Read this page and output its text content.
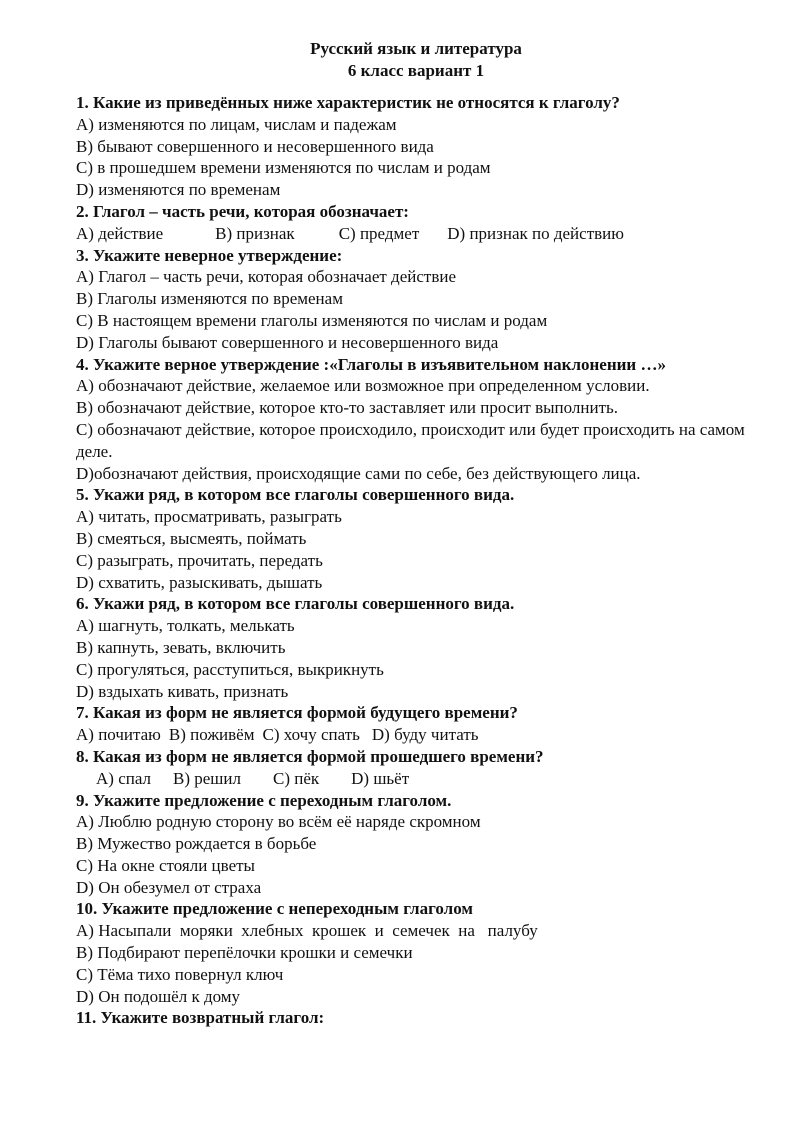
Русский язык и литература
6 класс вариант 1
1. Какие из приведённых ниже характеристик не относятся к глаголу?
A) изменяются по лицам, числам и падежам
B) бывают совершенного и несовершенного вида
C) в прошедшем времени изменяются по числам и родам
D) изменяются по временам
2. Глагол – часть речи, которая обозначает:
A) действие	B) признак	C) предмет D) признак по действию
3. Укажите неверное утверждение:
A) Глагол – часть речи, которая обозначает действие
B) Глаголы изменяются по временам
C) В настоящем времени глаголы изменяются по числам и родам
D) Глаголы бывают совершенного и несовершенного вида
4. Укажите верное утверждение :«Глаголы в изъявительном наклонении …»
A) обозначают действие, желаемое или возможное при определенном условии.
B) обозначают действие, которое кто-то заставляет или просит выполнить.
C) обозначают действие, которое происходило, происходит или будет происходить на самом деле.
D)обозначают действия, происходящие сами по себе, без действующего лица.
5. Укажи ряд, в котором все глаголы совершенного вида.
A) читать, просматривать, разыграть
B) смеяться, высмеять, поймать
C) разыграть, прочитать, передать
D) схватить, разыскивать, дышать
6. Укажи ряд, в котором все глаголы совершенного вида.
A) шагнуть, толкать, мелькать
B) капнуть, зевать, включить
C) прогуляться, расступиться, выкрикнуть
D) вздыхать кивать, признать
7. Какая из форм не является формой будущего времени?
A) почитаю B) поживём C) хочу спать D) буду читать
8. Какая из форм не является формой прошедшего времени?
A) спал B) решил C) пёк D) шьёт
9. Укажите предложение с переходным глаголом.
A) Люблю родную сторону во всём её наряде скромном
B) Мужество рождается в борьбе
C) На окне стояли цветы
D) Он обезумел от страха
10. Укажите предложение с непереходным глаголом
A) Насыпали  моряки  хлебных  крошек  и  семечек  на   палубу
B) Подбирают перепёлочки крошки и семечки
C) Тёма тихо повернул ключ
D) Он подошёл к дому
11. Укажите возвратный глагол:
